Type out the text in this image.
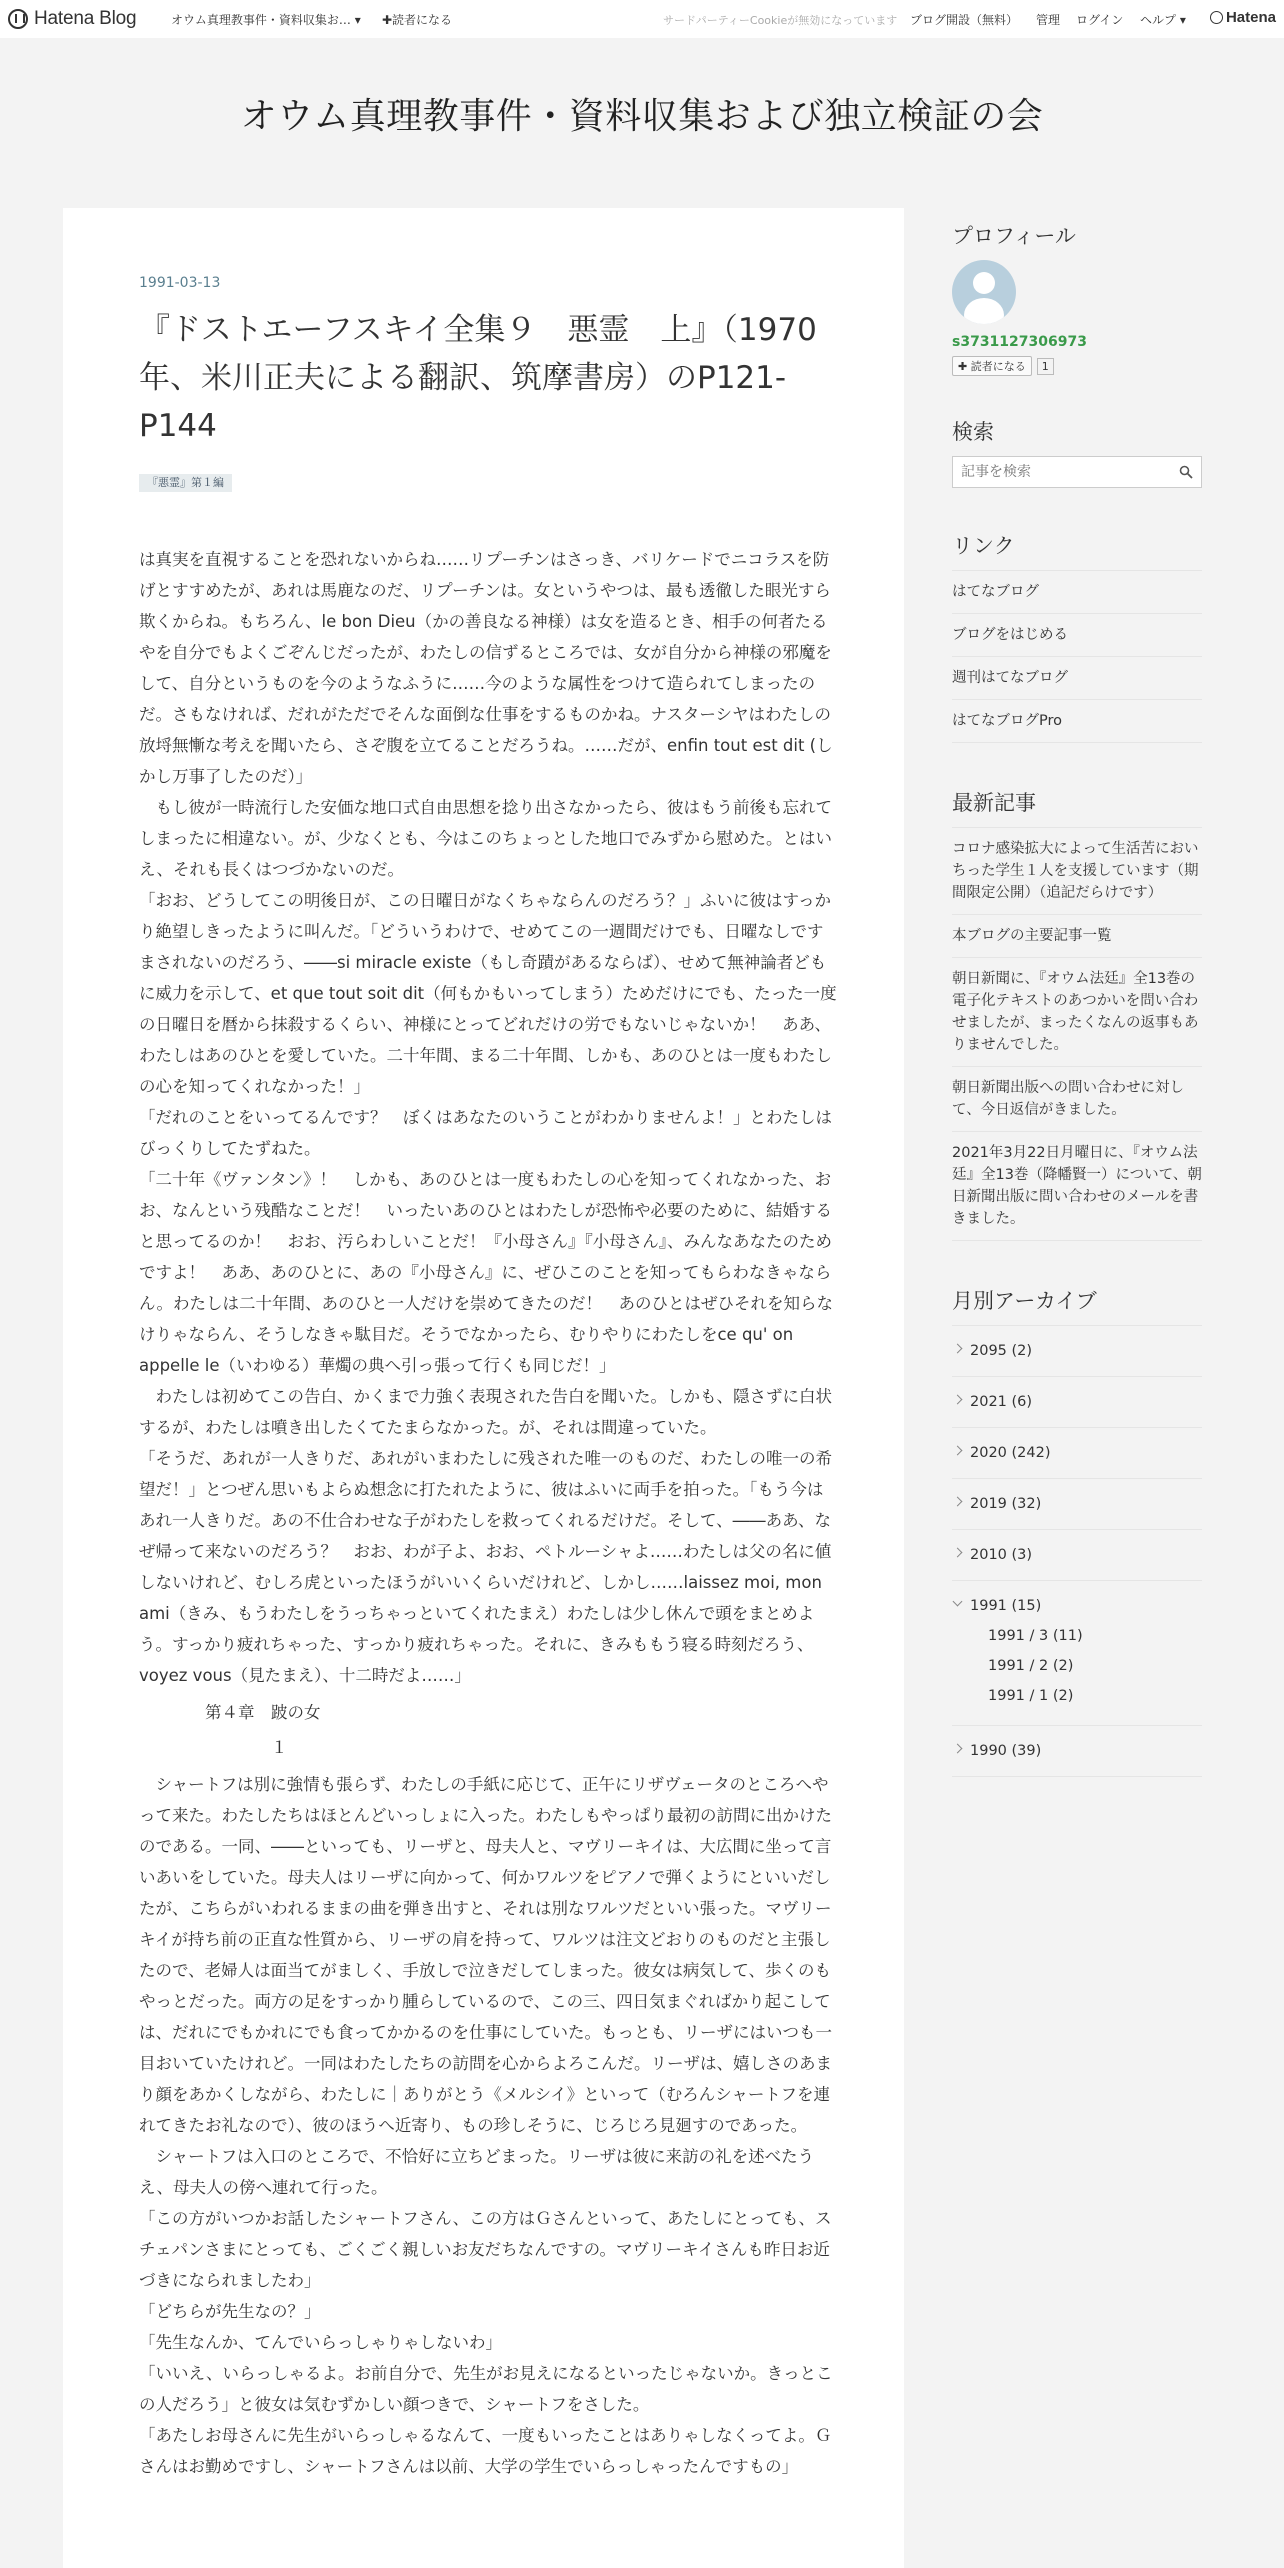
Hatena Blog	オウム真理教事件・資料収集お… ▾ ✚読者になる	サードパーティーCookieが無効になっています ブログ開設（無料） 管理 ログイン ヘルプ ▾	Hatena
オウム真理教事件・資料収集および独立検証の会
1991-03-13
『ドストエーフスキイ全集９　悪霊　上』（1970年、米川正夫による翻訳、筑摩書房）のP121-P144
『悪霊』第１編

は真実を直視することを恐れないからね……リプーチンはさっき、バリケードでニコラスを防げとすすめたが、あれは馬鹿なのだ、リプーチンは。女というやつは、最も透徹した眼光すら欺くからね。もちろん、le bon Dieu（かの善良なる神様）は女を造るとき、相手の何者たるやを自分でもよくごぞんじだったが、わたしの信ずるところでは、女が自分から神様の邪魔をして、自分というものを今のようなふうに……今のような属性をつけて造られてしまったのだ。さもなければ、だれがただでそんな面倒な仕事をするものかね。ナスターシヤはわたしの放埒無慚な考えを聞いたら、さぞ腹を立てることだろうね。……だが、enfin tout est dit (しかし万事了したのだ）」

　もし彼が一時流行した安価な地口式自由思想を捻り出さなかったら、彼はもう前後も忘れてしまったに相違ない。が、少なくとも、今はこのちょっとした地口でみずから慰めた。とはいえ、それも長くはつづかないのだ。

「おお、どうしてこの明後日が、この日曜日がなくちゃならんのだろう？」ふいに彼はすっかり絶望しきったように叫んだ。「どういうわけで、せめてこの一週間だけでも、日曜なしですまされないのだろう、――si miracle existe（もし奇蹟があるならば）、せめて無神論者どもに威力を示して、et que tout soit dit（何もかもいってしまう）ためだけにでも、たった一度の日曜日を暦から抹殺するくらい、神様にとってどれだけの労でもないじゃないか！　ああ、わたしはあのひとを愛していた。二十年間、まる二十年間、しかも、あのひとは一度もわたしの心を知ってくれなかった！」

「だれのことをいってるんです？　ぼくはあなたのいうことがわかりませんよ！」とわたしはびっくりしてたずねた。

「二十年《ヴァンタン》！　しかも、あのひとは一度もわたしの心を知ってくれなかった、おお、なんという残酷なことだ！　いったいあのひとはわたしが恐怖や必要のために、結婚すると思ってるのか！　おお、汚らわしいことだ！『小母さん』『小母さん』、みんなあなたのためですよ！　ああ、あのひとに、あの『小母さん』に、ぜひこのことを知ってもらわなきゃならん。わたしは二十年間、あのひと一人だけを崇めてきたのだ！　あのひとはぜひそれを知らなけりゃならん、そうしなきゃ駄目だ。そうでなかったら、むりやりにわたしをce qu' on appelle le（いわゆる）華燭の典へ引っ張って行くも同じだ！」

　わたしは初めてこの告白、かくまで力強く表現された告白を聞いた。しかも、隠さずに白状するが、わたしは噴き出したくてたまらなかった。が、それは間違っていた。

「そうだ、あれが一人きりだ、あれがいまわたしに残された唯一のものだ、わたしの唯一の希望だ！」とつぜん思いもよらぬ想念に打たれたように、彼はふいに両手を拍った。「もう今はあれ一人きりだ。あの不仕合わせな子がわたしを救ってくれるだけだ。そして、――ああ、なぜ帰って来ないのだろう？　おお、わが子よ、おお、ペトルーシャよ……わたしは父の名に値しないけれど、むしろ虎といったほうがいいくらいだけれど、しかし……laissez moi, mon ami（きみ、もうわたしをうっちゃっといてくれたまえ）わたしは少し休んで頭をまとめよう。すっかり疲れちゃった、すっかり疲れちゃった。それに、きみももう寝る時刻だろう、voyez vous（見たまえ）、十二時だよ……」

　　　　第４章　跛の女

　　　　　　　　１

　シャートフは別に強情も張らず、わたしの手紙に応じて、正午にリザヴェータのところへやって来た。わたしたちはほとんどいっしょに入った。わたしもやっぱり最初の訪問に出かけたのである。一同、――といっても、リーザと、母夫人と、マヴリーキイは、大広間に坐って言いあいをしていた。母夫人はリーザに向かって、何かワルツをピアノで弾くようにといいだしたが、こちらがいわれるままの曲を弾き出すと、それは別なワルツだといい張った。マヴリーキイが持ち前の正直な性質から、リーザの肩を持って、ワルツは注文どおりのものだと主張したので、老婦人は面当てがましく、手放しで泣きだしてしまった。彼女は病気して、歩くのもやっとだった。両方の足をすっかり腫らしているので、この三、四日気まぐればかり起こしては、だれにでもかれにでも食ってかかるのを仕事にしていた。もっとも、リーザにはいつも一目おいていたけれど。一同はわたしたちの訪問を心からよろこんだ。リーザは、嬉しさのあまり顔をあかくしながら、わたしに｜ありがとう《メルシイ》といって（むろんシャートフを連れてきたお礼なので）、彼のほうへ近寄り、もの珍しそうに、じろじろ見廻すのであった。

　シャートフは入口のところで、不恰好に立ちどまった。リーザは彼に来訪の礼を述べたうえ、母夫人の傍へ連れて行った。

「この方がいつかお話したシャートフさん、この方はＧさんといって、あたしにとっても、スチェパンさまにとっても、ごくごく親しいお友だちなんですの。マヴリーキイさんも昨日お近づきになられましたわ」

「どちらが先生なの？」

「先生なんか、てんでいらっしゃりゃしないわ」

「いいえ、いらっしゃるよ。お前自分で、先生がお見えになるといったじゃないか。きっとこの人だろう」と彼女は気むずかしい顔つきで、シャートフをさした。

「あたしお母さんに先生がいらっしゃるなんて、一度もいったことはありゃしなくってよ。Ｇさんはお勤めですし、シャートフさんは以前、大学の学生でいらっしゃったんですもの」

プロフィール
s3731127306973
✚ 読者になる	1
検索
記事を検索
リンク
はてなブログ
ブログをはじめる
週刊はてなブログ
はてなブログPro
最新記事
コロナ感染拡大によって生活苦においちった学生１人を支援しています（期間限定公開）（追記だらけです）
本ブログの主要記事一覧
朝日新聞に、『オウム法廷』全13巻の電子化テキストのあつかいを問い合わせましたが、まったくなんの返事もありませんでした。
朝日新聞出版への問い合わせに対して、今日返信がきました。
2021年3月22日月曜日に、『オウム法廷』全13巻（降幡賢一）について、朝日新聞出版に問い合わせのメールを書きました。
月別アーカイブ
2095 (2)
2021 (6)
2020 (242)
2019 (32)
2010 (3)
1991 (15)
1991 / 3 (11)
1991 / 2 (2)
1991 / 1 (2)
1990 (39)
